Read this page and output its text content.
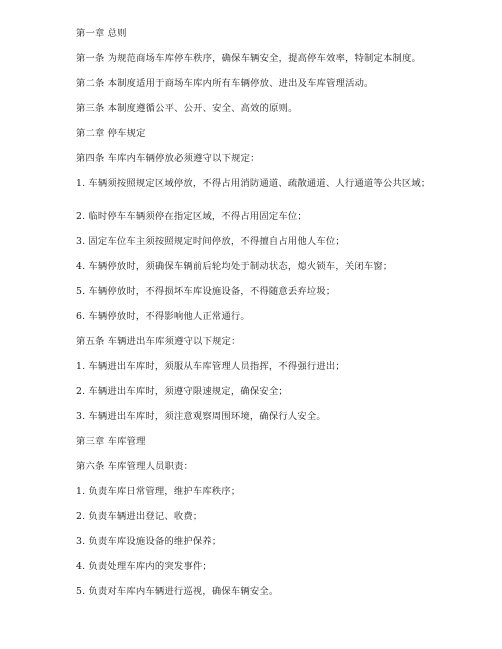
第一章 总则
第一条 为规范商场车库停车秩序，确保车辆安全，提高停车效率，特制定本制度。
第二条 本制度适用于商场车库内所有车辆停放、进出及车库管理活动。
第三条 本制度遵循公平、公开、安全、高效的原则。
第二章 停车规定
第四条 车库内车辆停放必须遵守以下规定：
1. 车辆须按照规定区域停放，不得占用消防通道、疏散通道、人行通道等公共区域；
2. 临时停车车辆须停在指定区域，不得占用固定车位；
3. 固定车位车主须按照规定时间停放，不得擅自占用他人车位；
4. 车辆停放时，须确保车辆前后轮均处于制动状态，熄火锁车，关闭车窗；
5. 车辆停放时，不得损坏车库设施设备，不得随意丢弃垃圾；
6. 车辆停放时，不得影响他人正常通行。
第五条 车辆进出车库须遵守以下规定：
1. 车辆进出车库时，须服从车库管理人员指挥，不得强行进出；
2. 车辆进出车库时，须遵守限速规定，确保安全；
3. 车辆进出车库时，须注意观察周围环境，确保行人安全。
第三章 车库管理
第六条 车库管理人员职责：
1. 负责车库日常管理，维护车库秩序；
2. 负责车辆进出登记、收费；
3. 负责车库设施设备的维护保养；
4. 负责处理车库内的突发事件；
5. 负责对车库内车辆进行巡视，确保车辆安全。
